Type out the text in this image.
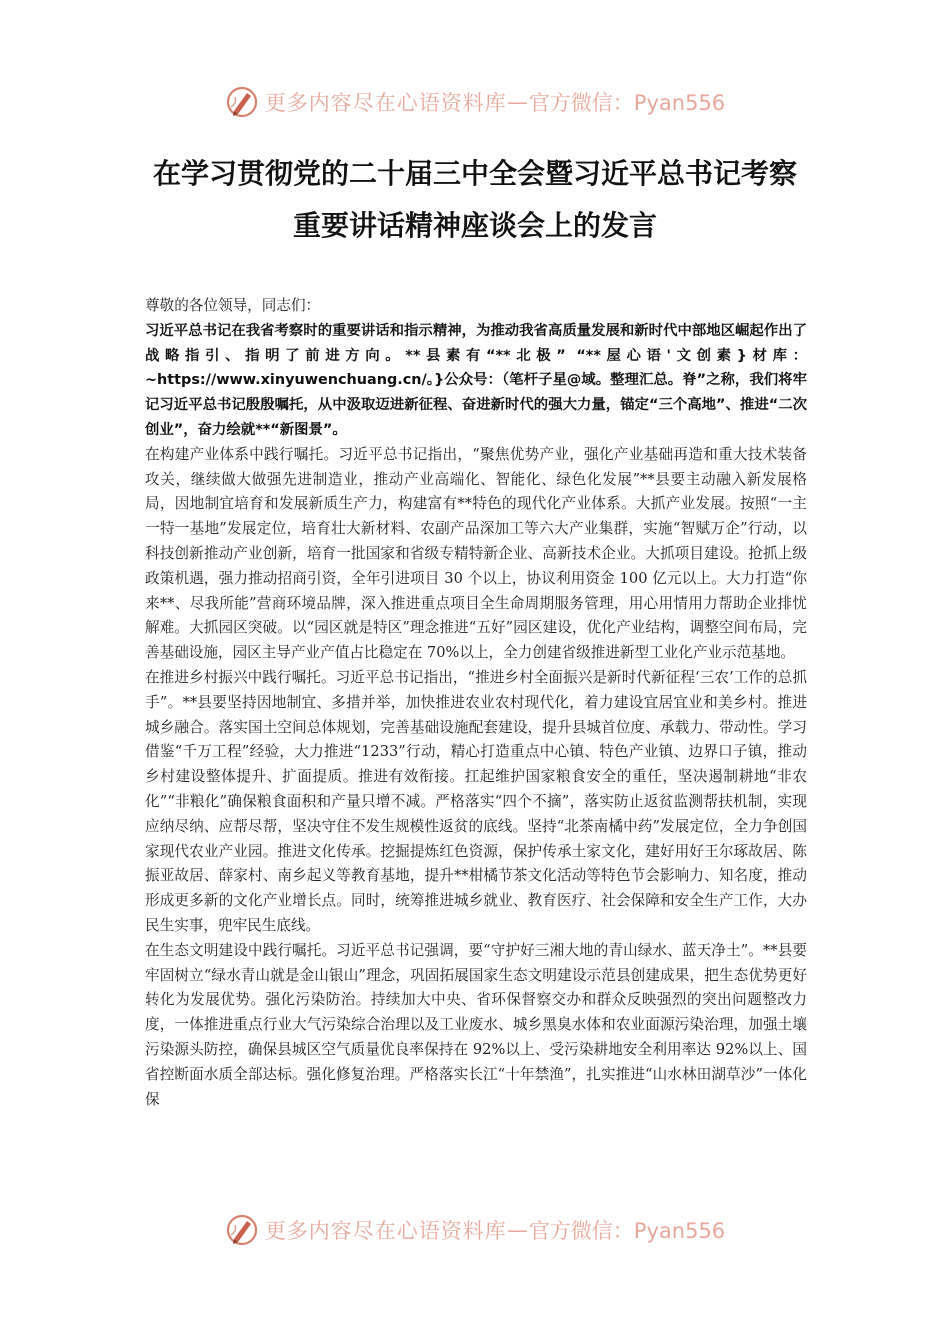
更多内容尽在心语资料库 — 官方微信：Pyan556
在学习贯彻党的二十届三中全会暨习近平总书记考察
重要讲话精神座谈会上的发言

尊敬的各位领导，同志们：

习近平总书记在我省考察时的重要讲话和指示精神，为推动我省高质量发展和新时代中部地区崛起作出了战略指引、指明了前进方向。**县素有“**北极” “**屋心语'文创素}材库：~https://www.xinyuwenchuang.cn/。}公众号：（笔杆子星@域。整理汇总。脊”之称，我们将牢记习近平总书记殷殷嘱托，从中汲取迈进新征程、奋进新时代的强大力量，锚定“三个高地”、推进“二次创业”，奋力绘就**“新图景”。

在构建产业体系中践行嘱托。习近平总书记指出，“聚焦优势产业，强化产业基础再造和重大技术装备攻关，继续做大做强先进制造业，推动产业高端化、智能化、绿色化发展”**县要主动融入新发展格局，因地制宜培育和发展新质生产力，构建富有**特色的现代化产业体系。大抓产业发展。按照“一主一特一基地”发展定位，培育壮大新材料、农副产品深加工等六大产业集群，实施“智赋万企”行动，以科技创新推动产业创新，培育一批国家和省级专精特新企业、高新技术企业。大抓项目建设。抢抓上级政策机遇，强力推动招商引资，全年引进项目 30 个以上，协议利用资金 100 亿元以上。大力打造“你来**、尽我所能”营商环境品牌，深入推进重点项目全生命周期服务管理，用心用情用力帮助企业排忧解难。大抓园区突破。以“园区就是特区”理念推进“五好”园区建设，优化产业结构，调整空间布局，完善基础设施，园区主导产业产值占比稳定在 70%以上，全力创建省级推进新型工业化产业示范基地。

在推进乡村振兴中践行嘱托。习近平总书记指出，“推进乡村全面振兴是新时代新征程‘三农’工作的总抓手”。**县要坚持因地制宜、多措并举，加快推进农业农村现代化，着力建设宜居宜业和美乡村。推进城乡融合。落实国土空间总体规划，完善基础设施配套建设，提升县城首位度、承载力、带动性。学习借鉴“千万工程”经验，大力推进“1233”行动，精心打造重点中心镇、特色产业镇、边界口子镇，推动乡村建设整体提升、扩面提质。推进有效衔接。扛起维护国家粮食安全的重任，坚决遏制耕地“非农化”“非粮化”确保粮食面积和产量只增不减。严格落实“四个不摘”，落实防止返贫监测帮扶机制，实现应纳尽纳、应帮尽帮，坚决守住不发生规模性返贫的底线。坚持“北茶南橘中药”发展定位，全力争创国家现代农业产业园。推进文化传承。挖掘提炼红色资源，保护传承土家文化，建好用好王尔琢故居、陈振亚故居、薛家村、南乡起义等教育基地，提升**柑橘节茶文化活动等特色节会影响力、知名度，推动形成更多新的文化产业增长点。同时，统筹推进城乡就业、教育医疗、社会保障和安全生产工作，大办民生实事，兜牢民生底线。

在生态文明建设中践行嘱托。习近平总书记强调，要“守护好三湘大地的青山绿水、蓝天净土”。**县要牢固树立“绿水青山就是金山银山”理念，巩固拓展国家生态文明建设示范县创建成果，把生态优势更好转化为发展优势。强化污染防治。持续加大中央、省环保督察交办和群众反映强烈的突出问题整改力度，一体推进重点行业大气污染综合治理以及工业废水、城乡黑臭水体和农业面源污染治理，加强土壤污染源头防控，确保县城区空气质量优良率保持在 92%以上、受污染耕地安全利用率达 92%以上、国省控断面水质全部达标。强化修复治理。严格落实长江“十年禁渔”，扎实推进“山水林田湖草沙”一体化保

更多内容尽在心语资料库 — 官方微信：Pyan556
